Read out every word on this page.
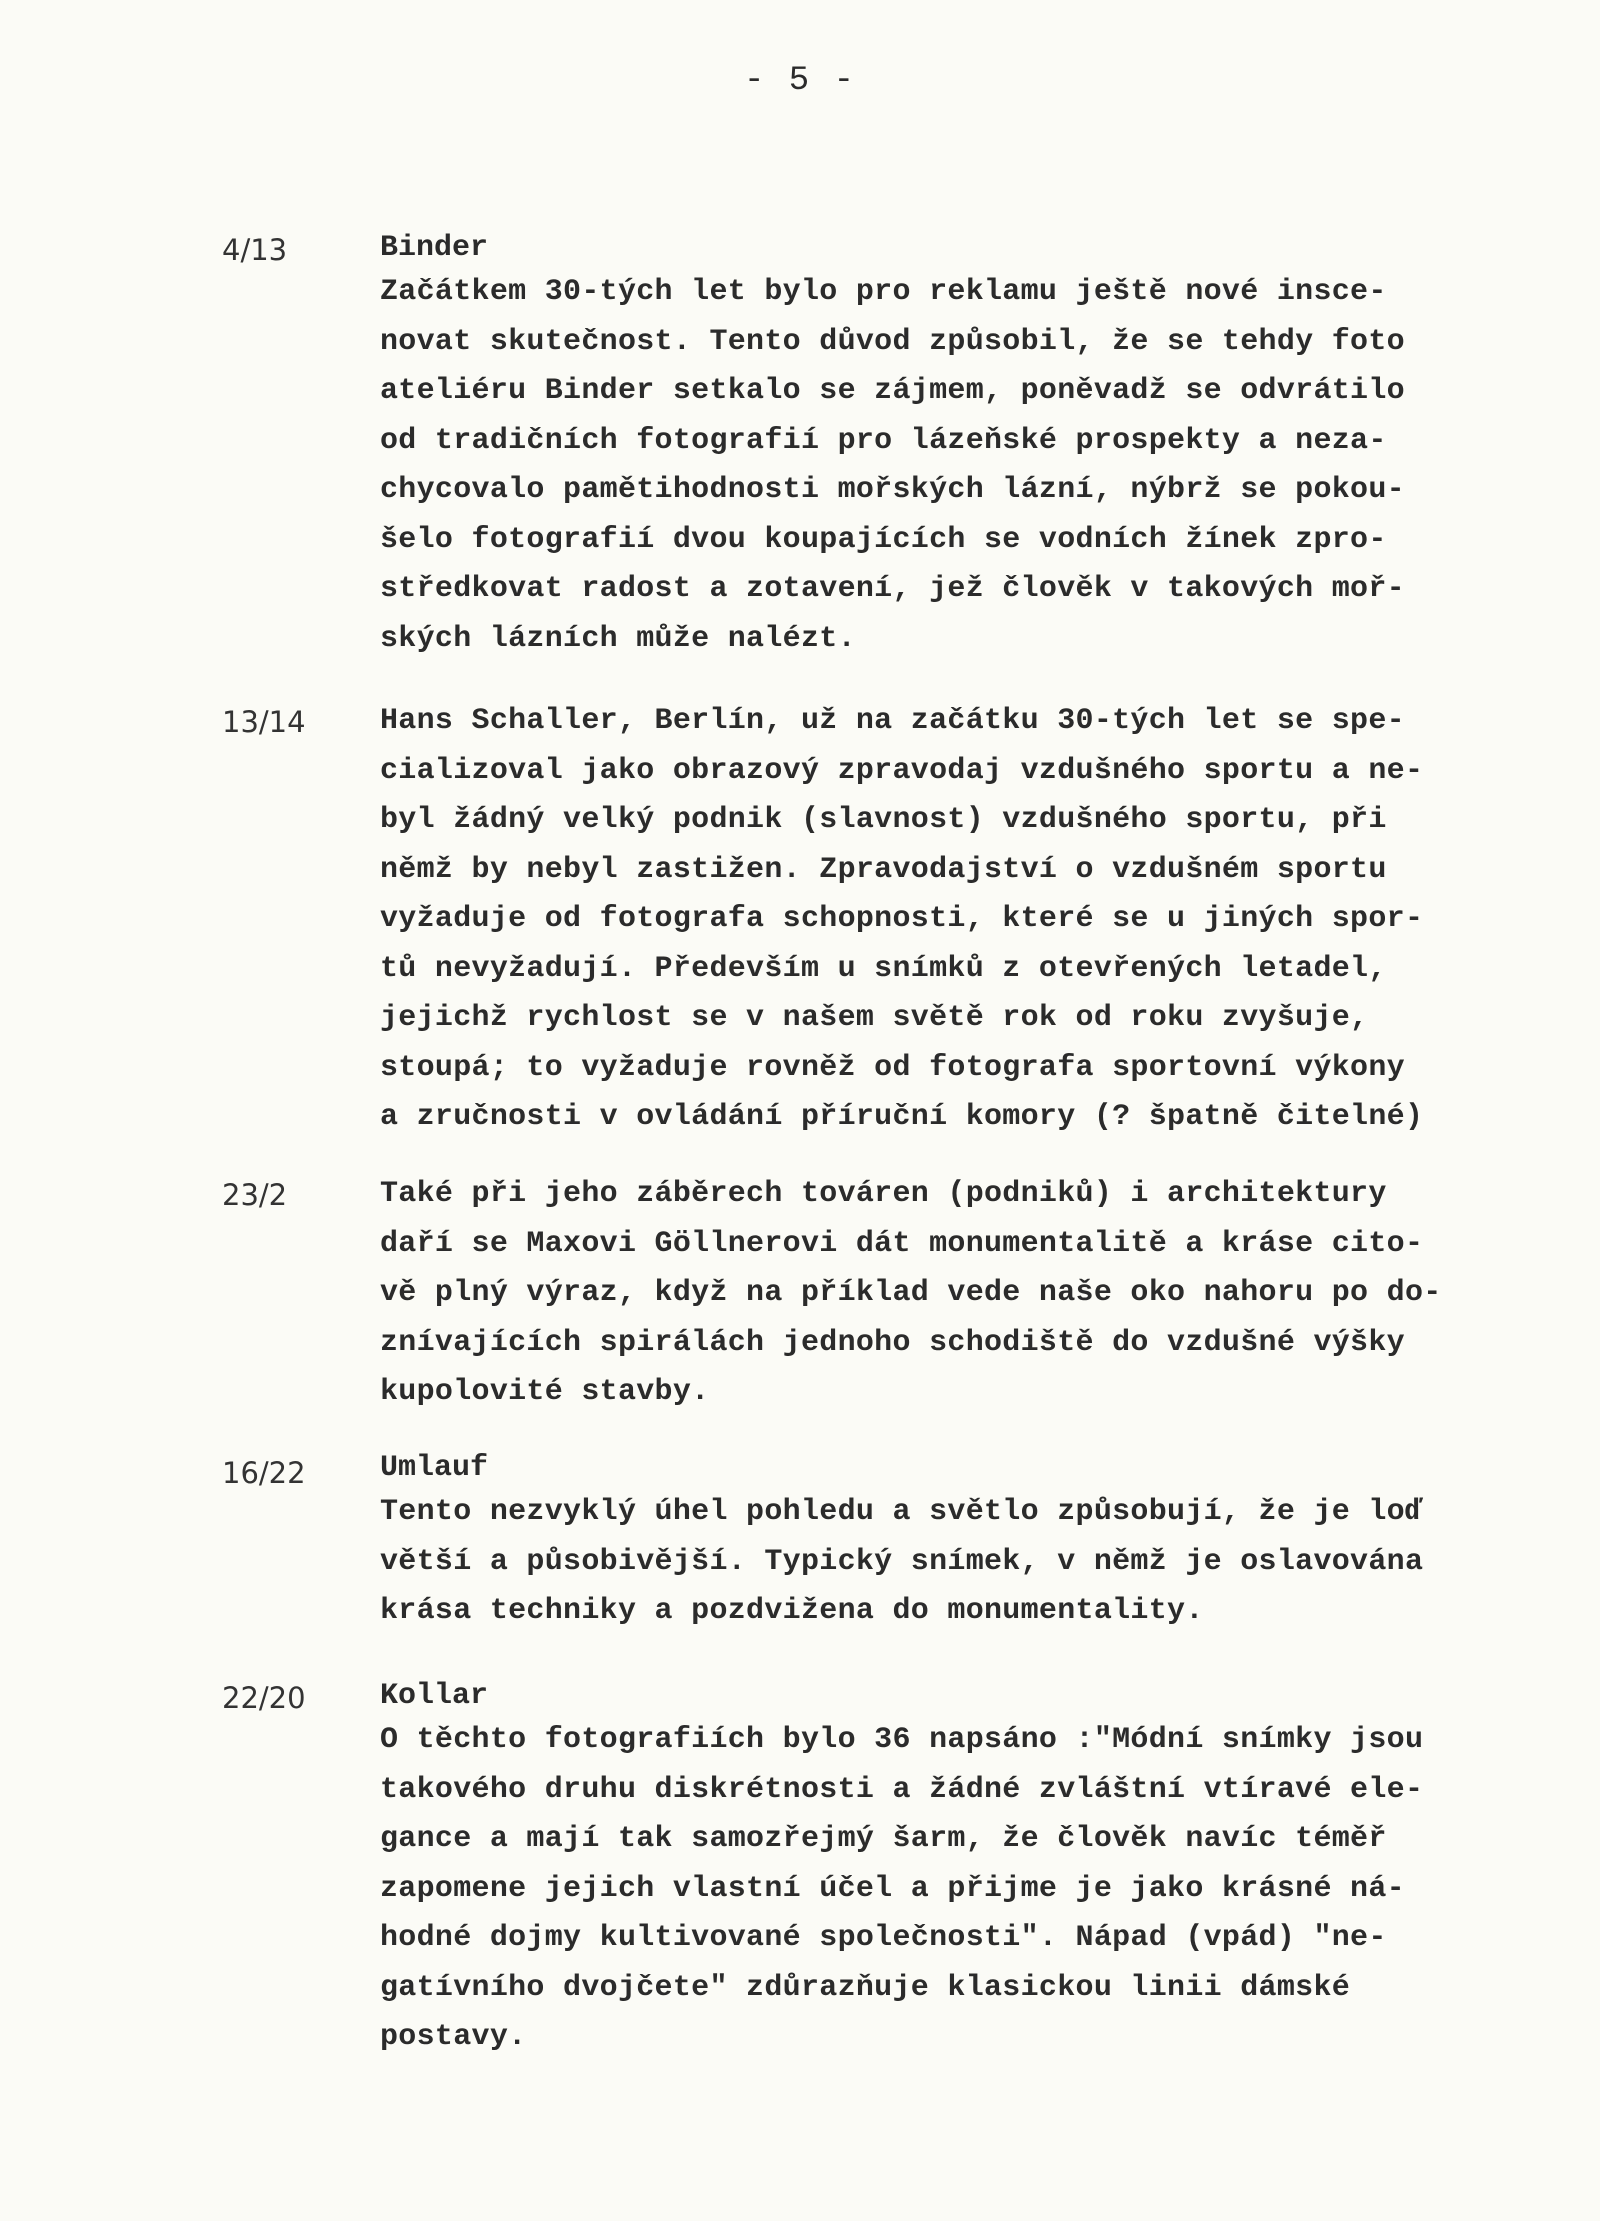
- 5 -
4/13	Binder
Začátkem 30-tých let bylo pro reklamu ještě nové insce-
novat skutečnost. Tento důvod způsobil, že se tehdy foto
ateliéru Binder setkalo se zájmem, poněvadž se odvrátilo
od tradičních fotografií pro lázeňské prospekty a neza-
chycovalo pamětihodnosti mořských lázní, nýbrž se pokou-
šelo fotografií dvou koupajících se vodních žínek zpro-
středkovat radost a zotavení, jež člověk v takových moř-
ských lázních může nalézt.
13/14 Hans Schaller, Berlín, už na začátku 30-tých let se spe-
cializoval jako obrazový zpravodaj vzdušného sportu a ne-
byl žádný velký podnik (slavnost) vzdušného sportu, při
němž by nebyl zastižen. Zpravodajství o vzdušném sportu
vyžaduje od fotografa schopnosti, které se u jiných spor-
tů nevyžadují. Především u snímků z otevřených letadel,
jejichž rychlost se v našem světě rok od roku zvyšuje,
stoupá; to vyžaduje rovněž od fotografa sportovní výkony
a zručnosti v ovládání příruční komory (? špatně čitelné)
23/2	Také při jeho záběrech továren (podniků) i architektury
daří se Maxovi Göllnerovi dát monumentalitě a kráse cito-
vě plný výraz, když na příklad vede naše oko nahoru po do-
znívajících spirálách jednoho schodiště do vzdušné výšky
kupolovité stavby.
16/22 Umlauf
Tento nezvyklý úhel pohledu a světlo způsobují, že je loď
větší a působivější. Typický snímek, v němž je oslavována
krása techniky a pozdvižena do monumentality.
22/20 Kollar
O těchto fotografiích bylo 36 napsáno :"Módní snímky jsou
takového druhu diskrétnosti a žádné zvláštní vtíravé ele-
gance a mají tak samozřejmý šarm, že člověk navíc téměř
zapomene jejich vlastní účel a přijme je jako krásné ná-
hodné dojmy kultivované společnosti". Nápad (vpád) "ne-
gatívního dvojčete" zdůrazňuje klasickou linii dámské
postavy.
